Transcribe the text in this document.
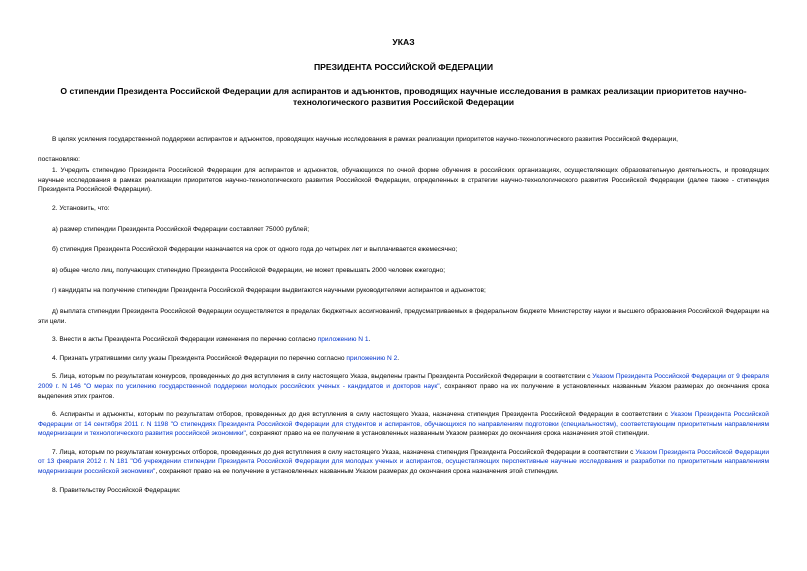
УКАЗ
ПРЕЗИДЕНТА РОССИЙСКОЙ ФЕДЕРАЦИИ
О стипендии Президента Российской Федерации для аспирантов и адъюнктов, проводящих научные исследования в рамках реализации приоритетов научно-технологического развития Российской Федерации

В целях усиления государственной поддержки аспирантов и адъюнктов, проводящих научные исследования в рамках реализации приоритетов научно-технологического развития Российской Федерации,

постановляю:

1. Учредить стипендию Президента Российской Федерации для аспирантов и адъюнктов, обучающихся по очной форме обучения в российских организациях, осуществляющих образовательную деятельность, и проводящих научные исследования в рамках реализации приоритетов научно-технологического развития Российской Федерации, определенных в стратегии научно-технологического развития Российской Федерации (далее также - стипендия Президента Российской Федерации).

2. Установить, что:

а) размер стипендии Президента Российской Федерации составляет 75000 рублей;

б) стипендия Президента Российской Федерации назначается на срок от одного года до четырех лет и выплачивается ежемесячно;

в) общее число лиц, получающих стипендию Президента Российской Федерации, не может превышать 2000 человек ежегодно;

г) кандидаты на получение стипендии Президента Российской Федерации выдвигаются научными руководителями аспирантов и адъюнктов;

д) выплата стипендии Президента Российской Федерации осуществляется в пределах бюджетных ассигнований, предусматриваемых в федеральном бюджете Министерству науки и высшего образования Российской Федерации на эти цели.

3. Внести в акты Президента Российской Федерации изменения по перечню согласно приложению N 1.

4. Признать утратившими силу указы Президента Российской Федерации по перечню согласно приложению N 2.

5. Лица, которым по результатам конкурсов, проведенных до дня вступления в силу настоящего Указа, выделены гранты Президента Российской Федерации в соответствии с Указом Президента Российской Федерации от 9 февраля 2009 г. N 146 "О мерах по усилению государственной поддержки молодых российских ученых - кандидатов и докторов наук", сохраняют право на их получение в установленных названным Указом размерах до окончания срока выделения этих грантов.

6. Аспиранты и адъюнкты, которым по результатам отборов, проведенных до дня вступления в силу настоящего Указа, назначена стипендия Президента Российской Федерации в соответствии с Указом Президента Российской Федерации от 14 сентября 2011 г. N 1198 "О стипендиях Президента Российской Федерации для студентов и аспирантов, обучающихся по направлениям подготовки (специальностям), соответствующим приоритетным направлениям модернизации и технологического развития российской экономики", сохраняют право на ее получение в установленных названным Указом размерах до окончания срока назначения этой стипендии.

7. Лица, которым по результатам конкурсных отборов, проведенных до дня вступления в силу настоящего Указа, назначена стипендия Президента Российской Федерации в соответствии с Указом Президента Российской Федерации от 13 февраля 2012 г. N 181 "Об учреждении стипендии Президента Российской Федерации для молодых ученых и аспирантов, осуществляющих перспективные научные исследования и разработки по приоритетным направлениям модернизации российской экономики", сохраняют право на ее получение в установленных названным Указом размерах до окончания срока назначения этой стипендии.

8. Правительству Российской Федерации:
